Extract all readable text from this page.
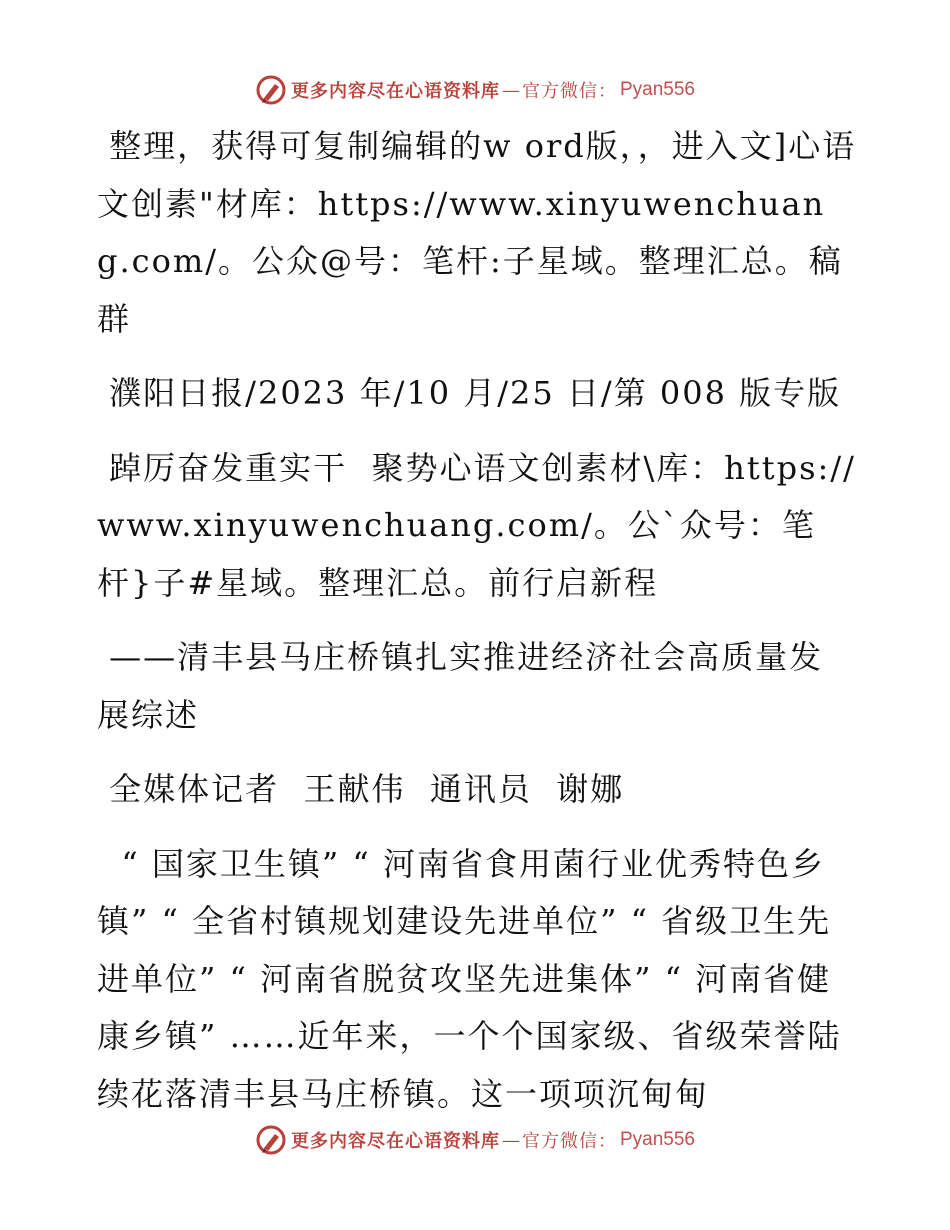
更多内容尽在心语资料库 — 官方微信 ： Pyan556

整理，获得可复制编辑的w ord版，，进入文]心语文创素"材库：https://www.xinyuwenchuang.com/。公众@号：笔杆:子星域。整理汇总。稿群

濮阳日报/2023 年/10 月/25 日/第 008 版专版

踔厉奋发重实干  聚势心语文创素材\库：https://www.xinyuwenchuang.com/。公`众号：笔杆}子#星域。整理汇总。前行启新程

——清丰县马庄桥镇扎实推进经济社会高质量发展综述

全媒体记者  王献伟  通讯员  谢娜

“ 国家卫生镇” “ 河南省食用菌行业优秀特色乡镇” “ 全省村镇规划建设先进单位” “ 省级卫生先进单位” “ 河南省脱贫攻坚先进集体” “ 河南省健康乡镇” ……近年来，一个个国家级、省级荣誉陆续花落清丰县马庄桥镇。这一项项沉甸甸

更多内容尽在心语资料库 — 官方微信 ： Pyan556
